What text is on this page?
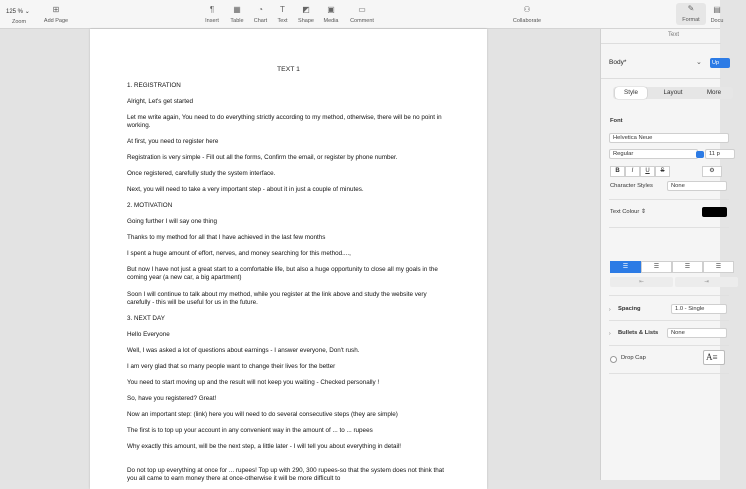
125 % ⌄
Zoom
⊞
Add Page
¶
Insert
▦
Table
◔
Chart
T
Text
◩
Shape
▣
Media
▭
Comment
⚇
Collaborate
✎
Format
▤
Docu
TEXT 1
1. REGISTRATION
Alright, Let's get started
Let me write again, You need to do everything strictly according to my method, otherwise, there will be no point in working.
At first, you need to register here
Registration is very simple - Fill out all the forms, Confirm the email, or register by phone number.
Once registered, carefully study the system interface.
Next, you will need to take a very important step - about it in just a couple of minutes.
2. MOTIVATION
Going further I will say one thing
Thanks to my method for all that I have achieved in the last few months
I spent a huge amount of effort, nerves, and money searching for this method....,
But now I have not just a great start to a comfortable life, but also a huge opportunity to close all my goals in the coming year (a new car, a big apartment)
Soon I will continue to talk about my method, while you register at the link above and study the website very carefully - this will be useful for us in the future.
3. NEXT DAY
Hello Everyone
Well, I was asked a lot of questions about earnings - I answer everyone, Don't rush.
I am very glad that so many people want to change their lives for the better
You need to start moving up and the result will not keep you waiting - Checked personally !
So, have you registered? Great!
Now an important step: (link) here you will need to do several consecutive steps (they are simple)
The first is to top up your account in any convenient way in the amount of ... to ... rupees
Why exactly this amount, will be the next step, a little later - I will tell you about everything in detail!
Do not top up everything at once for ... rupees! Top up with 290, 300 rupees-so that the system does not think that you all came to earn money there at once-otherwise it will be more difficult to
Text
Body*	⌄	Up
Style	Layout	More
Font
Helvetica Neue
Regular	11 p
B	I	U	S	⚙
Character Styles	None
Text Colour ⇕
☰	☰	☰	☰
⇤	⇥
› Spacing	1.0 - Single
› Bullets & Lists	None
Drop Cap	A≡
